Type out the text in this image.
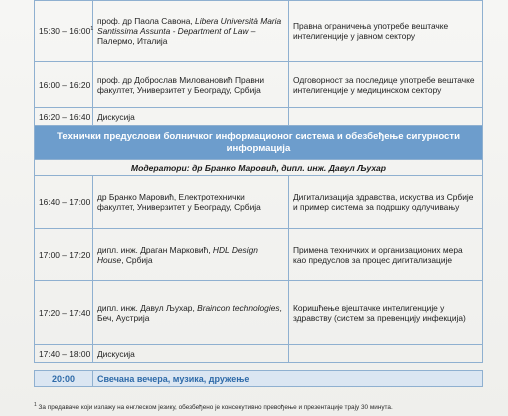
15:30 – $16:00^1$	проф. др Паола Савона, Libera Università Maria Santissima Assunta - Department of Law –Палермо, Италија	Правна ограничења употребе вештачке интелигенције у јавном сектору
16:00 – 16:20	проф. др Доброслав Миловановић Правни факултет, Универзитет у Београду, Србија	Одговорност за последице употребе вештачке интелигенције у медицинском сектору
16:20 – 16:40	Дискусија	
Технички предуслови болничког информационог система и обезбеђење сигурности информација		
Модератори: др Бранко Маровић, дипл. инж. Давул Љухар		
16:40 – 17:00	др Бранко Маровић, Електротехнички факултет, Универзитет у Београду, Србија	Дигитализација здравства, искуства из Србије и пример система за подршку одлучивању
17:00 – 17:20	дипл. инж. Драган Марковић, HDL Design House, Србија	Примена техничких и организационих мера као предуслов за процес дигитализације
17:20 – 17:40	дипл. инж. Давул Љухар, Braincon technologies, Беч, Аустрија	Коришћење вјештачке интелигенције у здравству (систем за превенцију инфекција)
17:40 – 18:00	Дискусија	

20:00	Свечана вечера, музика, дружење	
$^1$ За предаваче који излажу на енглеском језику, обезбеђено је консекутивно превођење и презентације трају 30 минута.
